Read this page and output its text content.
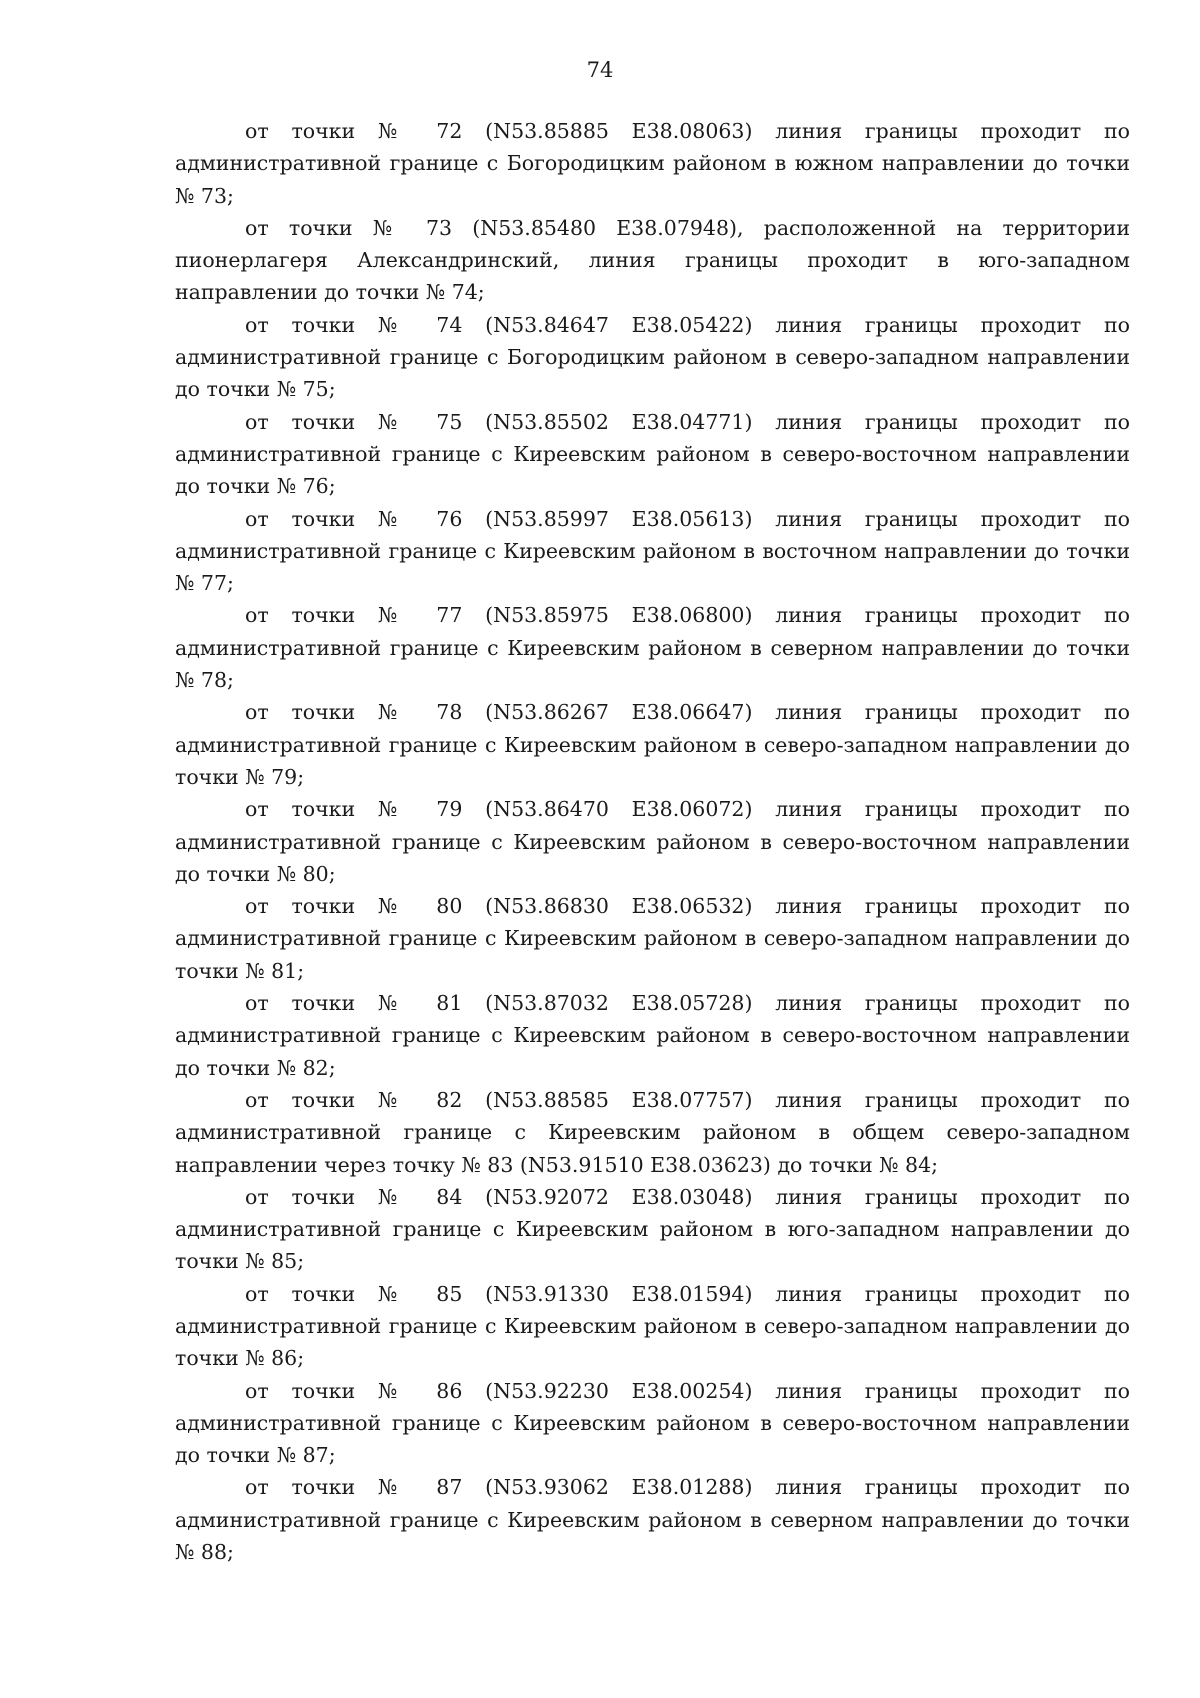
74

от точки № 72 (N53.85885 E38.08063) линия границы проходит по административной границе с Богородицким районом в южном направлении до точки № 73;

от точки № 73 (N53.85480 E38.07948), расположенной на территории пионерлагеря Александринский, линия границы проходит в юго-западном направлении до точки № 74;

от точки № 74 (N53.84647 E38.05422) линия границы проходит по административной границе с Богородицким районом в северо-западном направлении до точки № 75;

от точки № 75 (N53.85502 E38.04771) линия границы проходит по административной границе с Киреевским районом в северо-восточном направлении до точки № 76;

от точки № 76 (N53.85997 E38.05613) линия границы проходит по административной границе с Киреевским районом в восточном направлении до точки № 77;

от точки № 77 (N53.85975 E38.06800) линия границы проходит по административной границе с Киреевским районом в северном направлении до точки № 78;

от точки № 78 (N53.86267 E38.06647) линия границы проходит по административной границе с Киреевским районом в северо-западном направлении до точки № 79;

от точки № 79 (N53.86470 E38.06072) линия границы проходит по административной границе с Киреевским районом в северо-восточном направлении до точки № 80;

от точки № 80 (N53.86830 E38.06532) линия границы проходит по административной границе с Киреевским районом в северо-западном направлении до точки № 81;

от точки № 81 (N53.87032 E38.05728) линия границы проходит по административной границе с Киреевским районом в северо-восточном направлении до точки № 82;

от точки № 82 (N53.88585 E38.07757) линия границы проходит по административной границе с Киреевским районом в общем северо-западном направлении через точку № 83 (N53.91510 E38.03623) до точки № 84;

от точки № 84 (N53.92072 E38.03048) линия границы проходит по административной границе с Киреевским районом в юго-западном направлении до точки № 85;

от точки № 85 (N53.91330 E38.01594) линия границы проходит по административной границе с Киреевским районом в северо-западном направлении до точки № 86;

от точки № 86 (N53.92230 E38.00254) линия границы проходит по административной границе с Киреевским районом в северо-восточном направлении до точки № 87;

от точки № 87 (N53.93062 E38.01288) линия границы проходит по административной границе с Киреевским районом в северном направлении до точки № 88;
